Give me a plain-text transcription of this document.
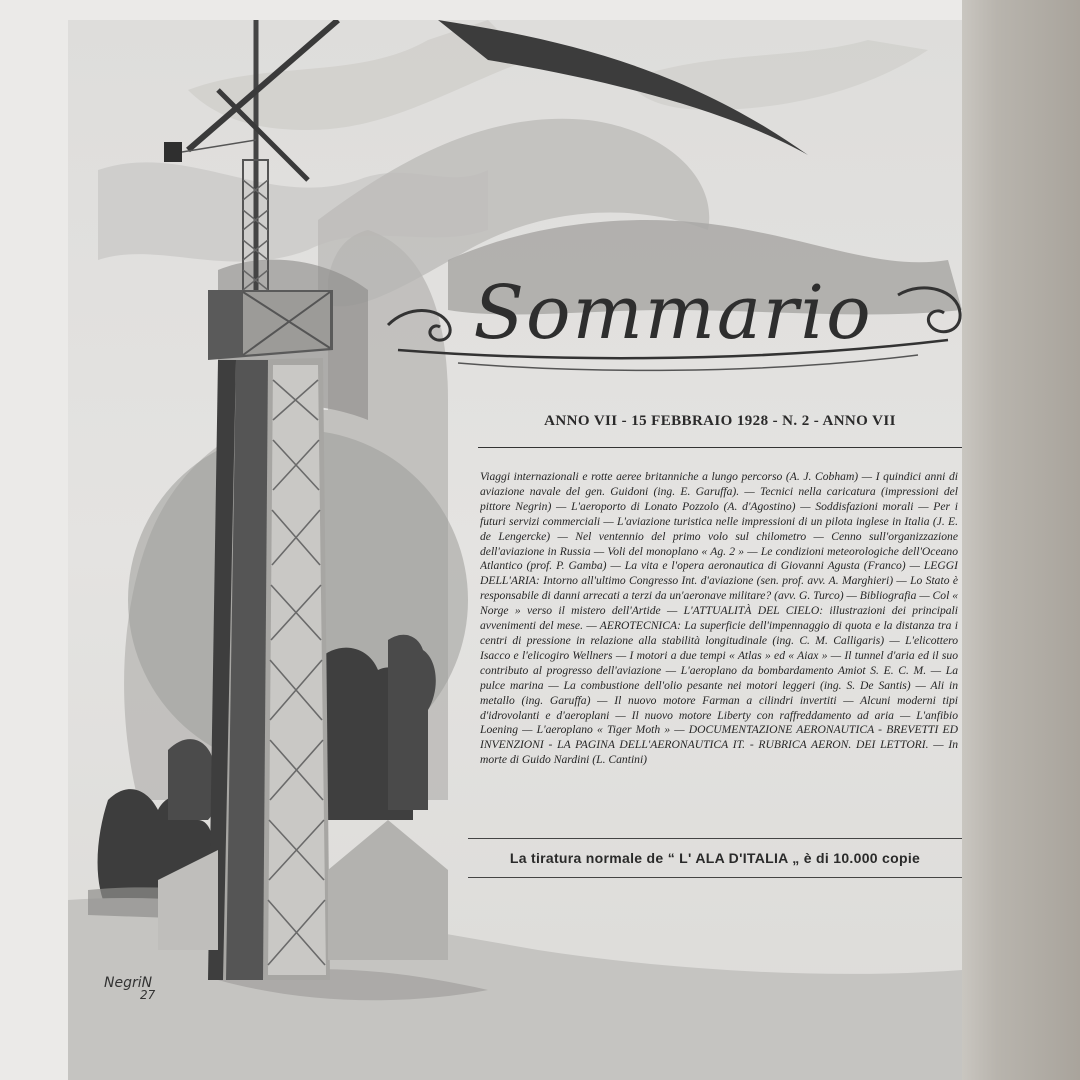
Sommario
ANNO VII - 15 FEBBRAIO 1928 - N. 2 - ANNO VII
Viaggi internazionali e rotte aeree britanniche a lungo percorso (A. J. Cobham) — I quindici anni di aviazione navale del gen. Guidoni (ing. E. Garuffa). — Tecnici nella caricatura (impressioni del pittore Negrin) — L'aeroporto di Lonato Pozzolo (A. d'Agostino) — Soddisfazioni morali — Per i futuri servizi commerciali — L'aviazione turistica nelle impressioni di un pilota inglese in Italia (J. E. de Lengercke) — Nel ventennio del primo volo sul chilometro — Cenno sull'organizzazione dell'aviazione in Russia — Voli del monoplano « Ag. 2 » — Le condizioni meteorologiche dell'Oceano Atlantico (prof. P. Gamba) — La vita e l'opera aeronautica di Giovanni Agusta (Franco) — LEGGI DELL'ARIA: Intorno all'ultimo Congresso Int. d'aviazione (sen. prof. avv. A. Marghieri) — Lo Stato è responsabile di danni arrecati a terzi da un'aeronave militare? (avv. G. Turco) — Bibliografia — Col « Norge » verso il mistero dell'Artide — L'ATTUALITÀ DEL CIELO: illustrazioni dei principali avvenimenti del mese. — AEROTECNICA: La superficie dell'impennaggio di quota e la distanza tra i centri di pressione in relazione alla stabilità longitudinale (ing. C. M. Calligaris) — L'elicottero Isacco e l'elicogiro Wellners — I motori a due tempi « Atlas » ed « Aiax » — Il tunnel d'aria ed il suo contributo al progresso dell'aviazione — L'aeroplano da bombardamento Amiot S. E. C. M. — La pulce marina — La combustione dell'olio pesante nei motori leggeri (ing. S. De Santis) — Ali in metallo (ing. Garuffa) — Il nuovo motore Farman a cilindri invertiti — Alcuni moderni tipi d'idrovolanti e d'aeroplani — Il nuovo motore Liberty con raffreddamento ad aria — L'anfibio Loening — L'aeroplano « Tiger Moth » — DOCUMENTAZIONE AERONAUTICA - BREVETTI ED INVENZIONI - LA PAGINA DELL'AERONAUTICA IT. - RUBRICA AERON. DEI LETTORI. — In morte di Guido Nardini (L. Cantini)
La tiratura normale de “ L' ALA D'ITALIA „ è di 10.000 copie
NegriN
27
